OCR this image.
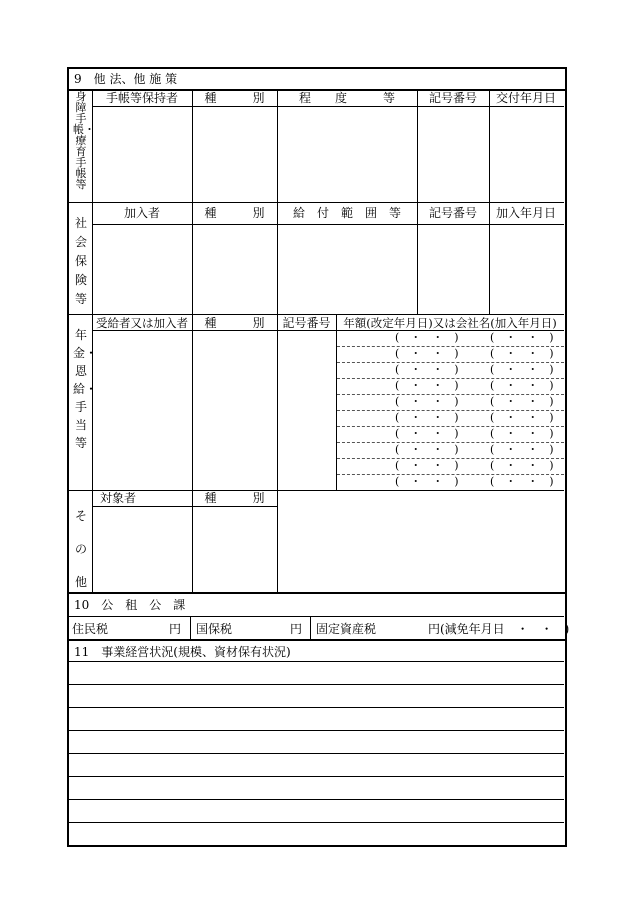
9　他 法、他 施 策
身障手帳・療育手帳等
手帳等保持者	種　　　別	程　　度　　　等	記号番号	交付年月日
社会保険等
加入者	種　　　別	給　付　範　囲　等	記号番号	加入年月日
年金・恩給・手当等
受給者又は加入者	種　　　別	記号番号	年額(改定年月日)又は会社名(加入年月日)
(　・　・　)	(　・　・　)
(　・　・　)	(　・　・　)
(　・　・　)	(　・　・　)
(　・　・　)	(　・　・　)
(　・　・　)	(　・　・　)
(　・　・　)	(　・　・　)
(　・　・　)	(　・　・　)
(　・　・　)	(　・　・　)
(　・　・　)	(　・　・　)
(　・　・　)	(　・　・　)
その他
対象者	種　　　別
10　公　租　公　課
住民税	円 国保税	円 固定資産税	円(減免年月日　・　・　)
11　事業経営状況(規模、資材保有状況)
